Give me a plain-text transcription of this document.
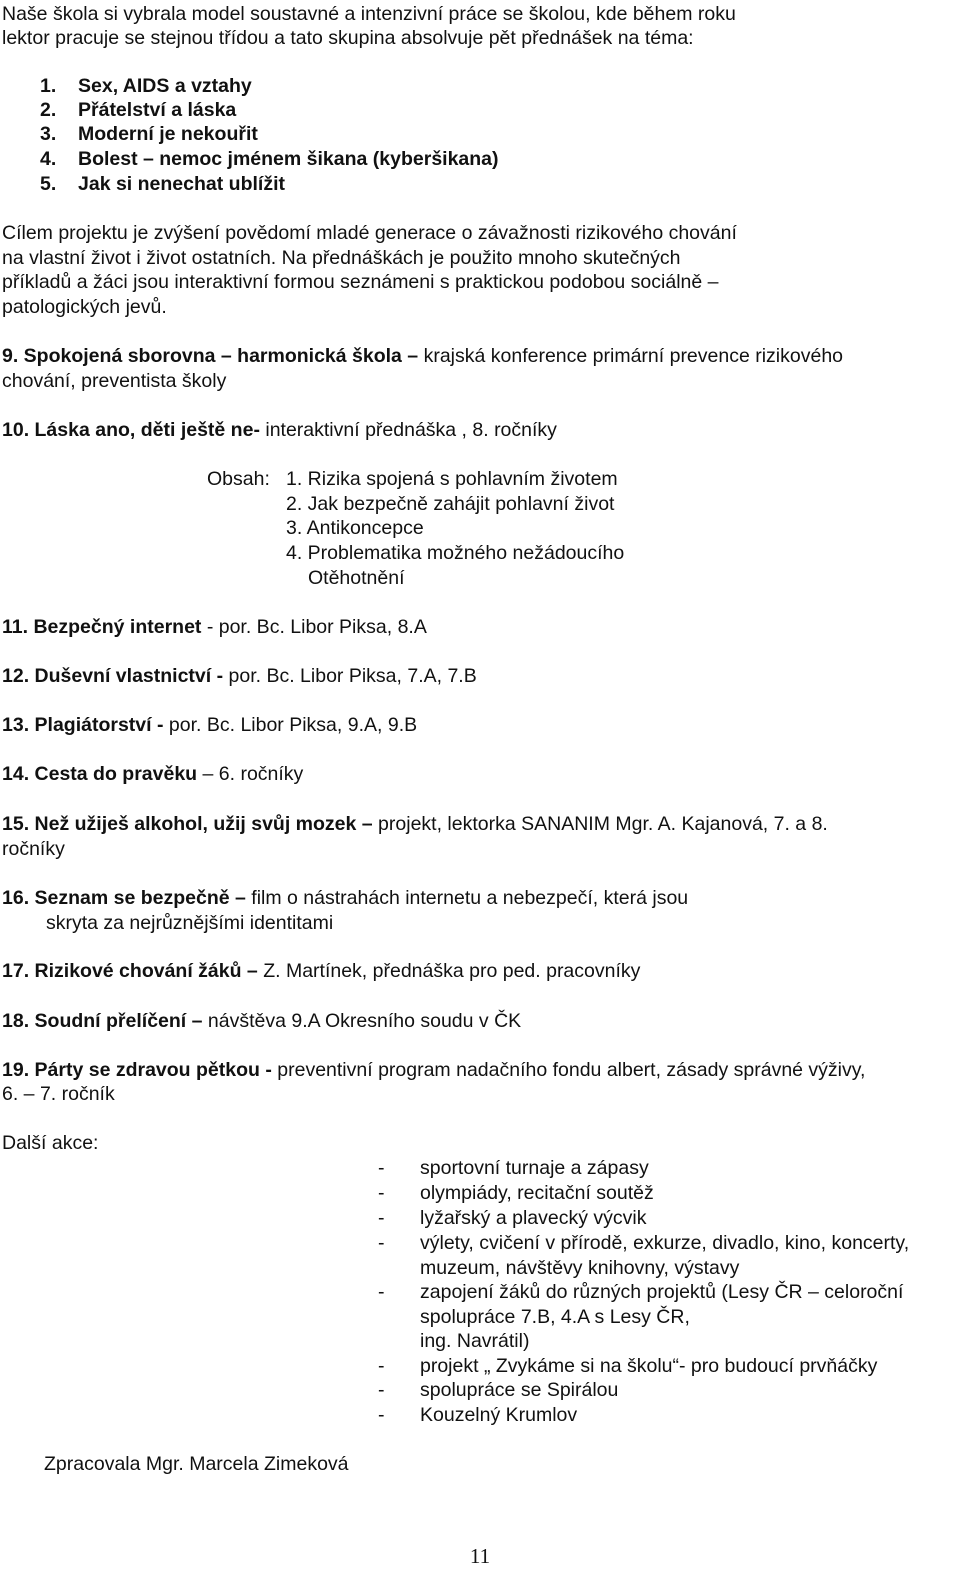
Naše škola si vybrala model soustavné a intenzivní práce se školou, kde během roku
lektor pracuje se stejnou třídou a tato skupina absolvuje pět přednášek na téma:
1. Sex, AIDS a vztahy
2. Přátelství a láska
3. Moderní je nekouřit
4. Bolest – nemoc jménem šikana (kyberšikana)
5. Jak si nenechat ublížit
Cílem projektu je zvýšení povědomí mladé generace o závažnosti rizikového chování
na vlastní život i život ostatních. Na přednáškách je použito mnoho skutečných
příkladů a žáci jsou interaktivní formou seznámeni s praktickou podobou sociálně –
patologických jevů.
9. Spokojená sborovna – harmonická škola – krajská konference primární prevence rizikového
chování, preventista školy
10. Láska ano, děti ještě ne- interaktivní přednáška , 8. ročníky
Obsah: 1. Rizika spojená s pohlavním životem
2. Jak bezpečně zahájit pohlavní život
3. Antikoncepce
4. Problematika možného nežádoucího
Otěhotnění
11. Bezpečný internet - por. Bc. Libor Piksa, 8.A
12. Duševní vlastnictví - por. Bc. Libor Piksa, 7.A, 7.B
13. Plagiátorství - por. Bc. Libor Piksa, 9.A, 9.B
14. Cesta do pravěku – 6. ročníky
15. Než užiješ alkohol, užij svůj mozek – projekt, lektorka SANANIM Mgr. A. Kajanová, 7. a 8.
ročníky
16. Seznam se bezpečně – film o nástrahách internetu a nebezpečí, která jsou
skryta za nejrůznějšími identitami
17. Rizikové chování žáků – Z. Martínek, přednáška pro ped. pracovníky
18. Soudní přelíčení – návštěva 9.A Okresního soudu v ČK
19. Párty se zdravou pětkou - preventivní program nadačního fondu albert, zásady správné výživy,
6. – 7. ročník
Další akce:
- sportovní turnaje a zápasy
- olympiády, recitační soutěž
- lyžařský a plavecký výcvik
- výlety, cvičení v přírodě, exkurze, divadlo, kino, koncerty,
muzeum, návštěvy knihovny, výstavy
- zapojení žáků do různých projektů (Lesy ČR – celoroční
spolupráce 7.B, 4.A s Lesy ČR,
ing. Navrátil)
- projekt „ Zvykáme si na školu“- pro budoucí prvňáčky
- spolupráce se Spirálou
- Kouzelný Krumlov
Zpracovala Mgr. Marcela Zimeková
11
